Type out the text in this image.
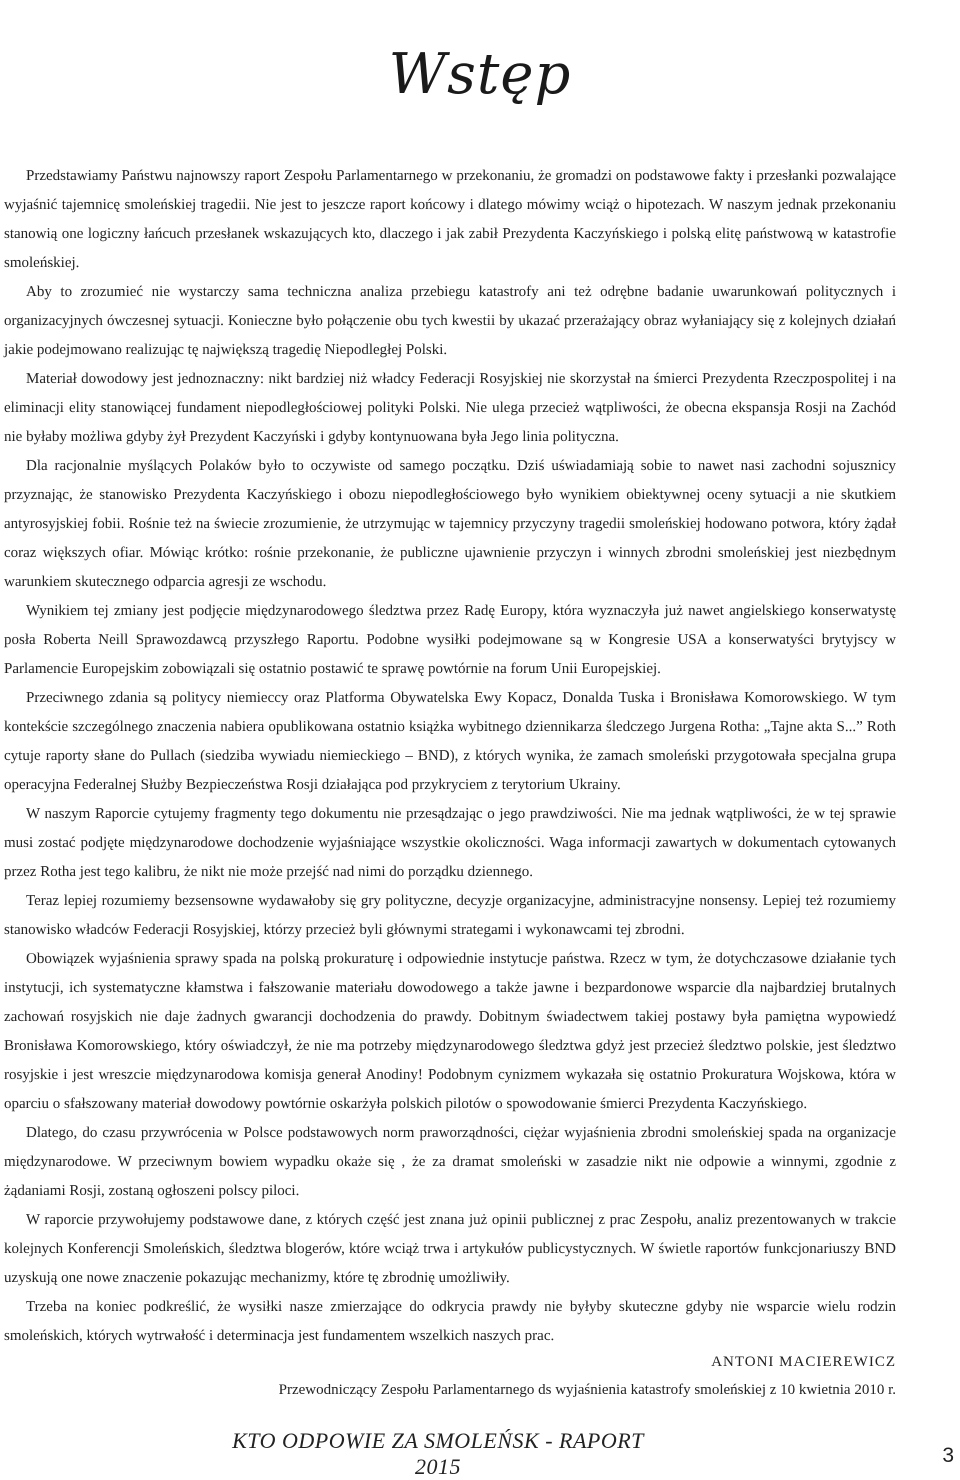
Wstęp

Przedstawiamy Państwu najnowszy raport Zespołu Parlamentarnego w przekonaniu, że gromadzi on podstawowe fakty i przesłanki pozwalające wyjaśnić tajemnicę smoleńskiej tragedii. Nie jest to jeszcze raport końcowy i dlatego mówimy wciąż o hipotezach. W naszym jednak przekonaniu stanowią one logiczny łańcuch przesłanek wskazujących kto, dlaczego i jak zabił Prezydenta Kaczyńskiego i polską elitę państwową w katastrofie smoleńskiej.

Aby to zrozumieć nie wystarczy sama techniczna analiza przebiegu katastrofy ani też odrębne badanie uwarunkowań politycznych i organizacyjnych ówczesnej sytuacji. Konieczne było połączenie obu tych kwestii by ukazać przerażający obraz wyłaniający się z kolejnych działań jakie podejmowano realizując tę największą tragedię Niepodległej Polski.

Materiał dowodowy jest jednoznaczny: nikt bardziej niż władcy Federacji Rosyjskiej nie skorzystał na śmierci Prezydenta Rzeczpospolitej i na eliminacji elity stanowiącej fundament niepodległościowej polityki Polski. Nie ulega przecież wątpliwości, że obecna ekspansja Rosji na Zachód nie byłaby możliwa gdyby żył Prezydent Kaczyński i gdyby kontynuowana była Jego linia polityczna.

Dla racjonalnie myślących Polaków było to oczywiste od samego początku. Dziś uświadamiają sobie to nawet nasi zachodni sojusznicy przyznając, że stanowisko Prezydenta Kaczyńskiego i obozu niepodległościowego było wynikiem obiektywnej oceny sytuacji a nie skutkiem antyrosyjskiej fobii. Rośnie też na świecie zrozumienie, że utrzymując w tajemnicy przyczyny tragedii smoleńskiej hodowano potwora, który żądał coraz większych ofiar. Mówiąc krótko: rośnie przekonanie, że publiczne ujawnienie przyczyn i winnych zbrodni smoleńskiej jest niezbędnym warunkiem skutecznego odparcia agresji ze wschodu.

Wynikiem tej zmiany jest podjęcie międzynarodowego śledztwa przez Radę Europy, która wyznaczyła już nawet angielskiego konserwatystę posła Roberta Neill Sprawozdawcą przyszłego Raportu. Podobne wysiłki podejmowane są w Kongresie USA a konserwatyści brytyjscy w Parlamencie Europejskim zobowiązali się ostatnio postawić te sprawę powtórnie na forum Unii Europejskiej.

Przeciwnego zdania są politycy niemieccy oraz Platforma Obywatelska Ewy Kopacz, Donalda Tuska i Bronisława Komorowskiego. W tym kontekście szczególnego znaczenia nabiera opublikowana ostatnio książka wybitnego dziennikarza śledczego Jurgena Rotha: „Tajne akta S...” Roth cytuje raporty słane do Pullach (siedziba wywiadu niemieckiego – BND), z których wynika, że zamach smoleński przygotowała specjalna grupa operacyjna Federalnej Służby Bezpieczeństwa Rosji działająca pod przykryciem z terytorium Ukrainy.

W naszym Raporcie cytujemy fragmenty tego dokumentu nie przesądzając o jego prawdziwości. Nie ma jednak wątpliwości, że w tej sprawie musi zostać podjęte międzynarodowe dochodzenie wyjaśniające wszystkie okoliczności. Waga informacji zawartych w dokumentach cytowanych przez Rotha jest tego kalibru, że nikt nie może przejść nad nimi do porządku dziennego.

Teraz lepiej rozumiemy bezsensowne wydawałoby się gry polityczne, decyzje organizacyjne, administracyjne nonsensy. Lepiej też rozumiemy stanowisko władców Federacji Rosyjskiej, którzy przecież byli głównymi strategami i wykonawcami tej zbrodni.

Obowiązek wyjaśnienia sprawy spada na polską prokuraturę i odpowiednie instytucje państwa. Rzecz w tym, że dotychczasowe działanie tych instytucji, ich systematyczne kłamstwa i fałszowanie materiału dowodowego a także jawne i bezpardonowe wsparcie dla najbardziej brutalnych zachowań rosyjskich nie daje żadnych gwarancji dochodzenia do prawdy. Dobitnym świadectwem takiej postawy była pamiętna wypowiedź Bronisława Komorowskiego, który oświadczył, że nie ma potrzeby międzynarodowego śledztwa gdyż jest przecież śledztwo polskie, jest śledztwo rosyjskie i jest wreszcie międzynarodowa komisja generał Anodiny! Podobnym cynizmem wykazała się ostatnio Prokuratura Wojskowa, która w oparciu o sfałszowany materiał dowodowy powtórnie oskarżyła polskich pilotów o spowodowanie śmierci Prezydenta Kaczyńskiego.

Dlatego, do czasu przywrócenia w Polsce podstawowych norm praworządności, ciężar wyjaśnienia zbrodni smoleńskiej spada na organizacje międzynarodowe. W przeciwnym bowiem wypadku okaże się , że za dramat smoleński w zasadzie nikt nie odpowie a winnymi, zgodnie z żądaniami Rosji, zostaną ogłoszeni polscy piloci.

W raporcie przywołujemy podstawowe dane, z których część jest znana już opinii publicznej z prac Zespołu, analiz prezentowanych w trakcie kolejnych Konferencji Smoleńskich, śledztwa blogerów, które wciąż trwa i artykułów publicystycznych. W świetle raportów funkcjonariuszy BND uzyskują one nowe znaczenie pokazując mechanizmy, które tę zbrodnię umożliwiły.

Trzeba na koniec podkreślić, że wysiłki nasze zmierzające do odkrycia prawdy nie byłyby skuteczne gdyby nie wsparcie wielu rodzin smoleńskich, których wytrwałość i determinacja jest fundamentem wszelkich naszych prac.

ANTONI MACIEREWICZ
Przewodniczący Zespołu Parlamentarnego ds wyjaśnienia katastrofy smoleńskiej z 10 kwietnia 2010 r.
KTO ODPOWIE ZA SMOLEŃSK - RAPORT 2015	3
